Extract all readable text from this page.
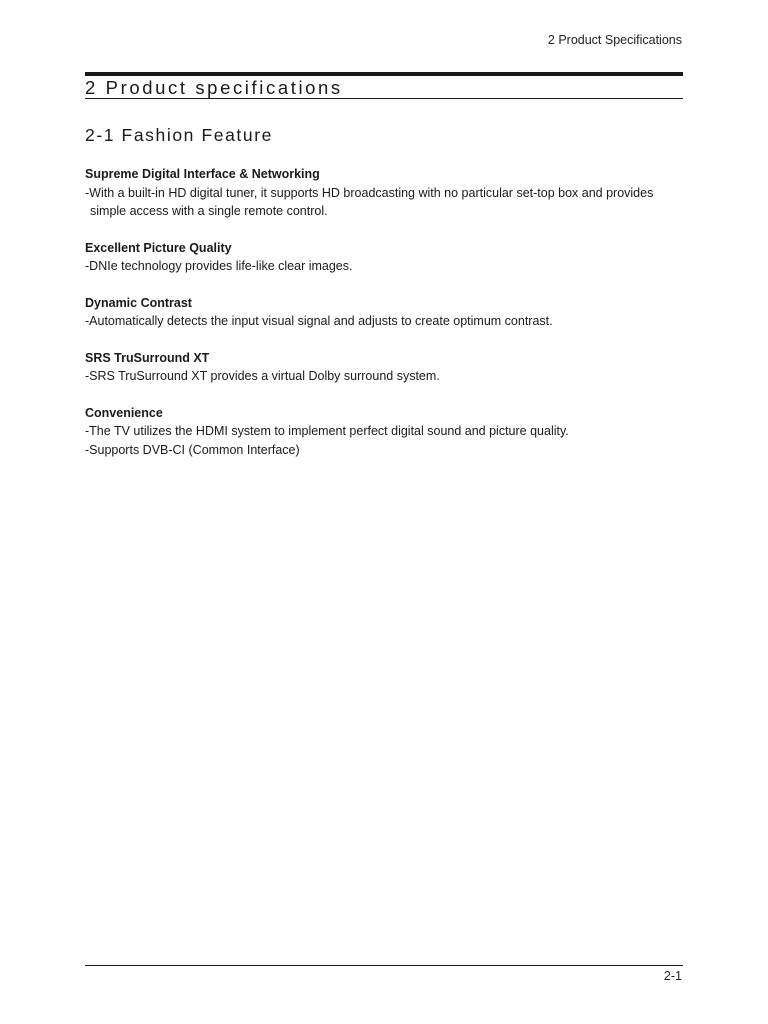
2 Product Specifications
2 Product specifications
2-1 Fashion Feature
Supreme Digital Interface & Networking
-With a built-in HD digital tuner, it supports HD broadcasting with no particular set-top box and provides
simple access with a single remote control.
Excellent Picture Quality
-DNIe technology provides life-like clear images.
Dynamic Contrast
-Automatically detects the input visual signal and adjusts to create optimum contrast.
SRS TruSurround XT
-SRS TruSurround XT provides a virtual Dolby surround system.
Convenience
-The TV utilizes the HDMI system to implement perfect digital sound and picture quality.
-Supports DVB-CI (Common Interface)
2-1
